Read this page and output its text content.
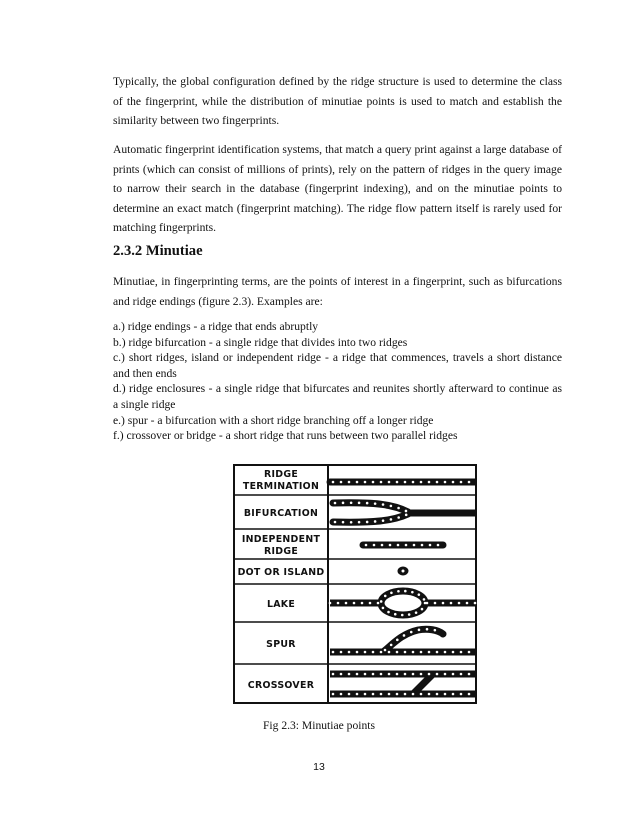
Typically, the global configuration defined by the ridge structure is used to determine the class of the fingerprint, while the distribution of minutiae points is used to match and establish the similarity between two fingerprints.

Automatic fingerprint identification systems, that match a query print against a large database of prints (which can consist of millions of prints), rely on the pattern of ridges in the query image to narrow their search in the database (fingerprint indexing), and on the minutiae points to determine an exact match (fingerprint matching). The ridge flow pattern itself is rarely used for matching fingerprints.

2.3.2 Minutiae

Minutiae, in fingerprinting terms, are the points of interest in a fingerprint, such as bifurcations and ridge endings (figure 2.3). Examples are:

a.) ridge endings - a ridge that ends abruptly
b.) ridge bifurcation - a single ridge that divides into two ridges
c.) short ridges, island or independent ridge - a ridge that commences, travels a short distance and then ends
d.) ridge enclosures - a single ridge that bifurcates and reunites shortly afterward to continue as a single ridge
e.) spur - a bifurcation with a short ridge branching off a longer ridge
f.) crossover or bridge - a short ridge that runs between two parallel ridges
RIDGE
TERMINATION
BIFURCATION
INDEPENDENT
RIDGE
DOT OR ISLAND
LAKE
SPUR
CROSSOVER

Fig 2.3: Minutiae points

13
